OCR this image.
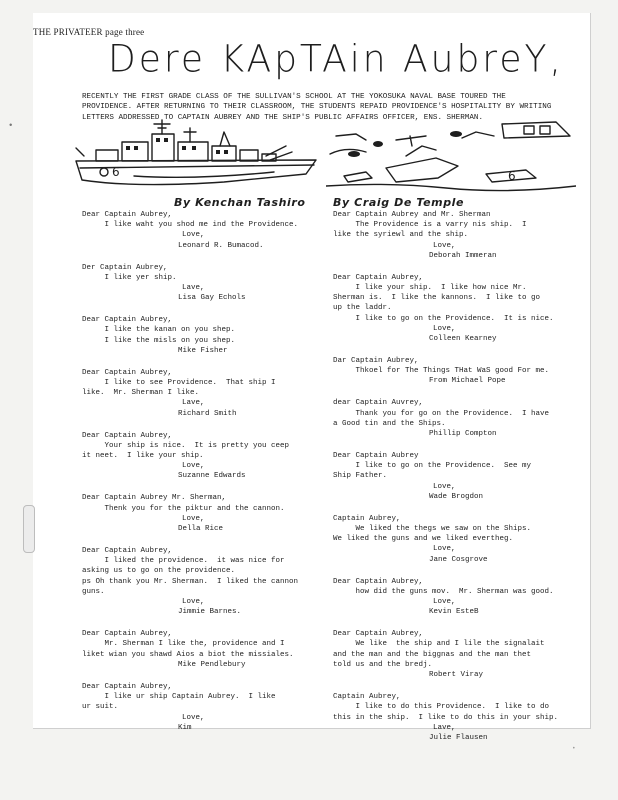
THE PRIVATEER page three
Dere KApTAin AubreY,
RECENTLY THE FIRST GRADE CLASS OF THE SULLIVAN'S SCHOOL AT THE YOKOSUKA NAVAL BASE TOURED THE PROVIDENCE. AFTER RETURNING TO THEIR CLASSROOM, THE STUDENTS REPAID PROVIDENCE'S HOSPITALITY BY WRITING LETTERS ADDRESSED TO CAPTAIN AUBREY AND THE SHIP'S PUBLIC AFFAIRS OFFICER, ENS. SHERMAN.
6	6
By Kenchan Tashiro By Craig De Temple
Dear Captain Aubrey,
I like waht you shod me ind the Providence.
Love,
Leonard R. Bumacod.
Der Captain Aubrey,
I like yer ship.
Lave,
Lisa Gay Echols
Dear Captain Aubrey,
I like the kanan on you shep.
I like the misls on you shep.
Mike Fisher
Dear Captain Aubrey,
I like to see Providence.  That ship I
like.  Mr. Sherman I like.
Lave,
Richard Smith
Dear Captain Aubrey,
Your ship is nice.  It is pretty you ceep
it neet.  I like your ship.
Love,
Suzanne Edwards
Dear Captain Aubrey Mr. Sherman,
Thenk you for the piktur and the cannon.
Love,
Della Rice
Dear Captain Aubrey,
I liked the providence.  it was nice for
asking us to go on the providence.
ps Oh thank you Mr. Sherman.  I liked the cannon
guns.
Love,
Jimmie Barnes.
Dear Captain Aubrey,
Mr. Sherman I like the, providence and I
liket wian you shawd Aios a biot the missiales.
Mike Pendlebury
Dear Captain Aubrey,
I like ur ship Captain Aubrey.  I like
ur suit.
Love,
Kim
Dear Captain Aubrey and Mr. Sherman
The Providence is a varry nis ship.  I
like the syriewl and the ship.
Love,
Deborah Immeran
Dear Captain Aubrey,
I like your ship.  I like how nice Mr.
Sherman is.  I like the kannons.  I like to go
up the laddr.
I like to go on the Providence.  It is nice.
Love,
Colleen Kearney
Dar Captain Aubrey,
Thkoel for The Things THat WaS good For me.
From Michael Pope
dear Captain Auvrey,
Thank you for go on the Providence.  I have
a Good tin and the Ships.
Phillip Compton
Dear Captain Aubrey
I like to go on the Providence.  See my
Ship Father.
Love,
Wade Brogdon
Captain Aubrey,
We liked the thegs we saw on the Ships.
We liked the guns and we liked evertheg.
Love,
Jane Cosgrove
Dear Captain Aubrey,
how did the guns mov.  Mr. Sherman was good.
Love,
Kevin EsteB
Dear Captain Aubrey,
We like  the ship and I lile the signalait
and the man and the biggnas and the man thet
told us and the bredj.
Robert Viray
Captain Aubrey,
I like to do this Providence.  I like to do
this in the ship.  I like to do this in your ship.
Lave,
Julie Flausen
•
•
